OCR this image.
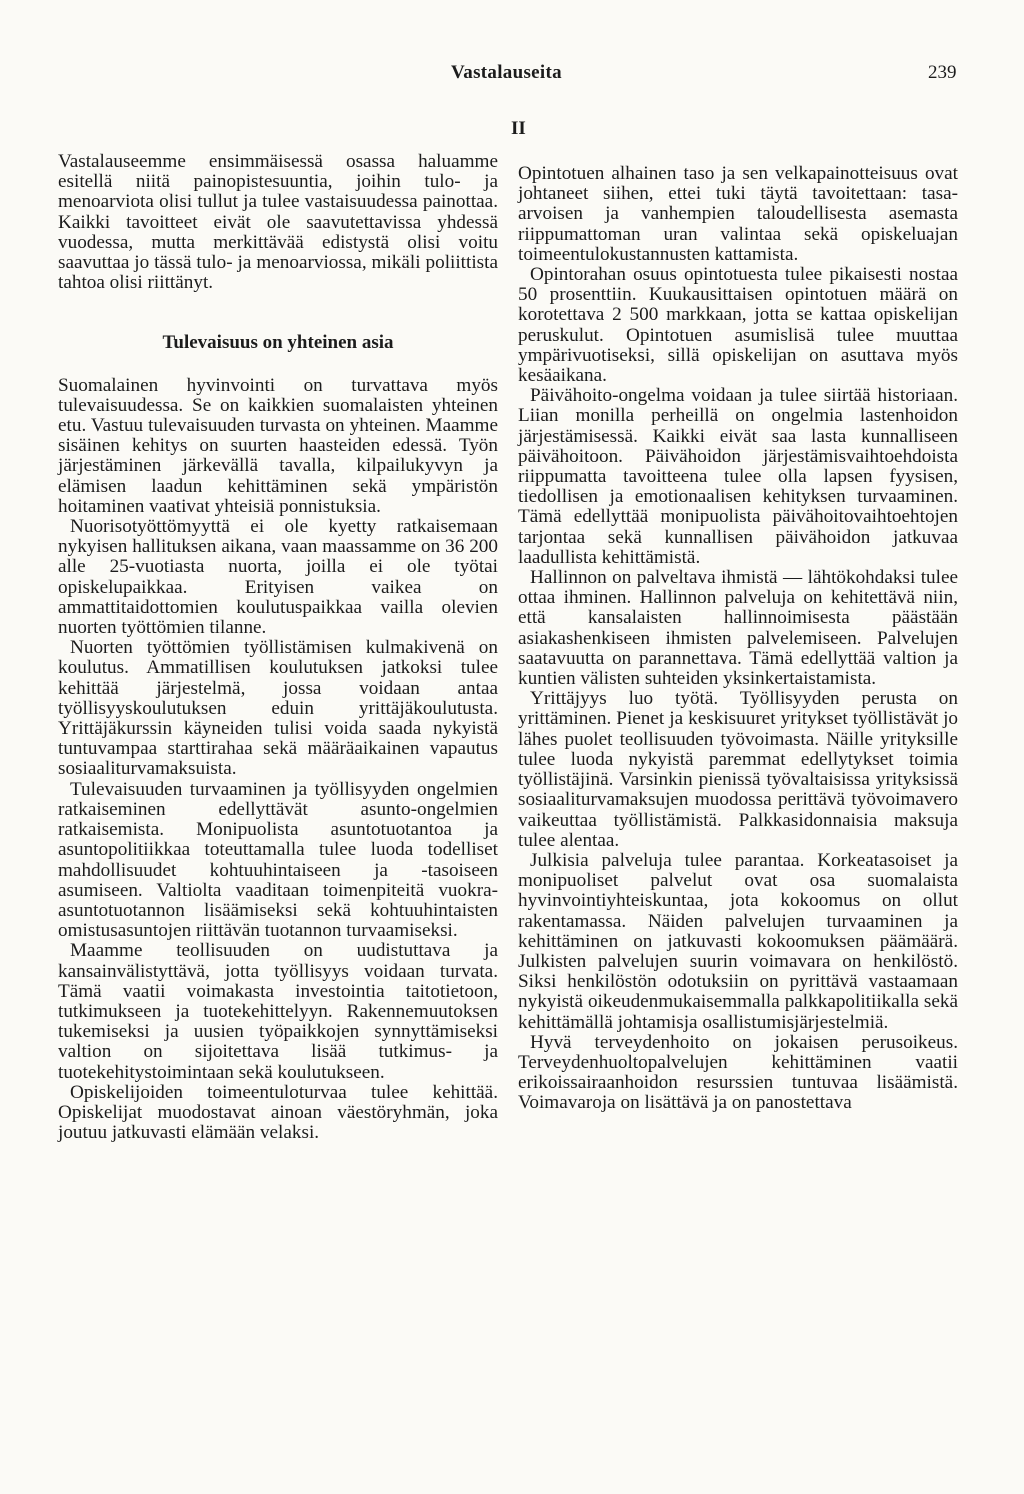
Vastalauseita	239
II

Vastalauseemme ensimmäisessä osassa haluamme esitellä niitä painopistesuuntia, joihin tulo- ja menoarviota olisi tullut ja tulee vastaisuudessa painottaa. Kaikki tavoitteet eivät ole saavutettavissa yhdessä vuodessa, mutta merkittävää edistystä olisi voitu saavuttaa jo tässä tulo- ja menoarviossa, mikäli poliittista tahtoa olisi riittänyt.

Tulevaisuus on yhteinen asia

Suomalainen hyvinvointi on turvattava myös tulevaisuudessa. Se on kaikkien suomalaisten yhteinen etu. Vastuu tulevaisuuden turvasta on yhteinen. Maamme sisäinen kehitys on suurten haasteiden edessä. Työn järjestäminen järkevällä tavalla, kilpailukyvyn ja elämisen laadun kehittäminen sekä ympäristön hoitaminen vaativat yhteisiä ponnistuksia.

Nuorisotyöttömyyttä ei ole kyetty ratkaisemaan nykyisen hallituksen aikana, vaan maassamme on 36 200 alle 25-vuotiasta nuorta, joilla ei ole työtai opiskelupaikkaa. Erityisen vaikea on ammattitaidottomien koulutuspaikkaa vailla olevien nuorten työttömien tilanne.

Nuorten työttömien työllistämisen kulmakivenä on koulutus. Ammatillisen koulutuksen jatkoksi tulee kehittää järjestelmä, jossa voidaan antaa työllisyyskoulutuksen eduin yrittäjäkoulutusta. Yrittäjäkurssin käyneiden tulisi voida saada nykyistä tuntuvampaa starttirahaa sekä määräaikainen vapautus sosiaaliturvamaksuista.

Tulevaisuuden turvaaminen ja työllisyyden ongelmien ratkaiseminen edellyttävät asunto-ongelmien ratkaisemista. Monipuolista asuntotuotantoa ja asuntopolitiikkaa toteuttamalla tulee luoda todelliset mahdollisuudet kohtuuhintaiseen ja -tasoiseen asumiseen. Valtiolta vaaditaan toimenpiteitä vuokra-asuntotuotannon lisäämiseksi sekä kohtuuhintaisten omistusasuntojen riittävän tuotannon turvaamiseksi.

Maamme teollisuuden on uudistuttava ja kansainvälistyttävä, jotta työllisyys voidaan turvata. Tämä vaatii voimakasta investointia taitotietoon, tutkimukseen ja tuotekehittelyyn. Rakennemuutoksen tukemiseksi ja uusien työpaikkojen synnyttämiseksi valtion on sijoitettava lisää tutkimus- ja tuotekehitystoimintaan sekä koulutukseen.

Opiskelijoiden toimeentuloturvaa tulee kehittää. Opiskelijat muodostavat ainoan väestöryhmän, joka joutuu jatkuvasti elämään velaksi.

Opintotuen alhainen taso ja sen velkapainotteisuus ovat johtaneet siihen, ettei tuki täytä tavoitettaan: tasa-arvoisen ja vanhempien taloudellisesta asemasta riippumattoman uran valintaa sekä opiskeluajan toimeentulokustannusten kattamista.

Opintorahan osuus opintotuesta tulee pikaisesti nostaa 50 prosenttiin. Kuukausittaisen opintotuen määrä on korotettava 2 500 markkaan, jotta se kattaa opiskelijan peruskulut. Opintotuen asumislisä tulee muuttaa ympärivuotiseksi, sillä opiskelijan on asuttava myös kesäaikana.

Päivähoito-ongelma voidaan ja tulee siirtää historiaan. Liian monilla perheillä on ongelmia lastenhoidon järjestämisessä. Kaikki eivät saa lasta kunnalliseen päivähoitoon. Päivähoidon järjestämisvaihtoehdoista riippumatta tavoitteena tulee olla lapsen fyysisen, tiedollisen ja emotionaalisen kehityksen turvaaminen. Tämä edellyttää monipuolista päivähoitovaihtoehtojen tarjontaa sekä kunnallisen päivähoidon jatkuvaa laadullista kehittämistä.

Hallinnon on palveltava ihmistä — lähtökohdaksi tulee ottaa ihminen. Hallinnon palveluja on kehitettävä niin, että kansalaisten hallinnoimisesta päästään asiakashenkiseen ihmisten palvelemiseen. Palvelujen saatavuutta on parannettava. Tämä edellyttää valtion ja kuntien välisten suhteiden yksinkertaistamista.

Yrittäjyys luo työtä. Työllisyyden perusta on yrittäminen. Pienet ja keskisuuret yritykset työllistävät jo lähes puolet teollisuuden työvoimasta. Näille yrityksille tulee luoda nykyistä paremmat edellytykset toimia työllistäjinä. Varsinkin pienissä työvaltaisissa yrityksissä sosiaaliturvamaksujen muodossa perittävä työvoimavero vaikeuttaa työllistämistä. Palkkasidonnaisia maksuja tulee alentaa.

Julkisia palveluja tulee parantaa. Korkeatasoiset ja monipuoliset palvelut ovat osa suomalaista hyvinvointiyhteiskuntaa, jota kokoomus on ollut rakentamassa. Näiden palvelujen turvaaminen ja kehittäminen on jatkuvasti kokoomuksen päämäärä. Julkisten palvelujen suurin voimavara on henkilöstö. Siksi henkilöstön odotuksiin on pyrittävä vastaamaan nykyistä oikeudenmukaisemmalla palkkapolitiikalla sekä kehittämällä johtamisja osallistumisjärjestelmiä.

Hyvä terveydenhoito on jokaisen perusoikeus. Terveydenhuoltopalvelujen kehittäminen vaatii erikoissairaanhoidon resurssien tuntuvaa lisäämistä. Voimavaroja on lisättävä ja on panostettava
